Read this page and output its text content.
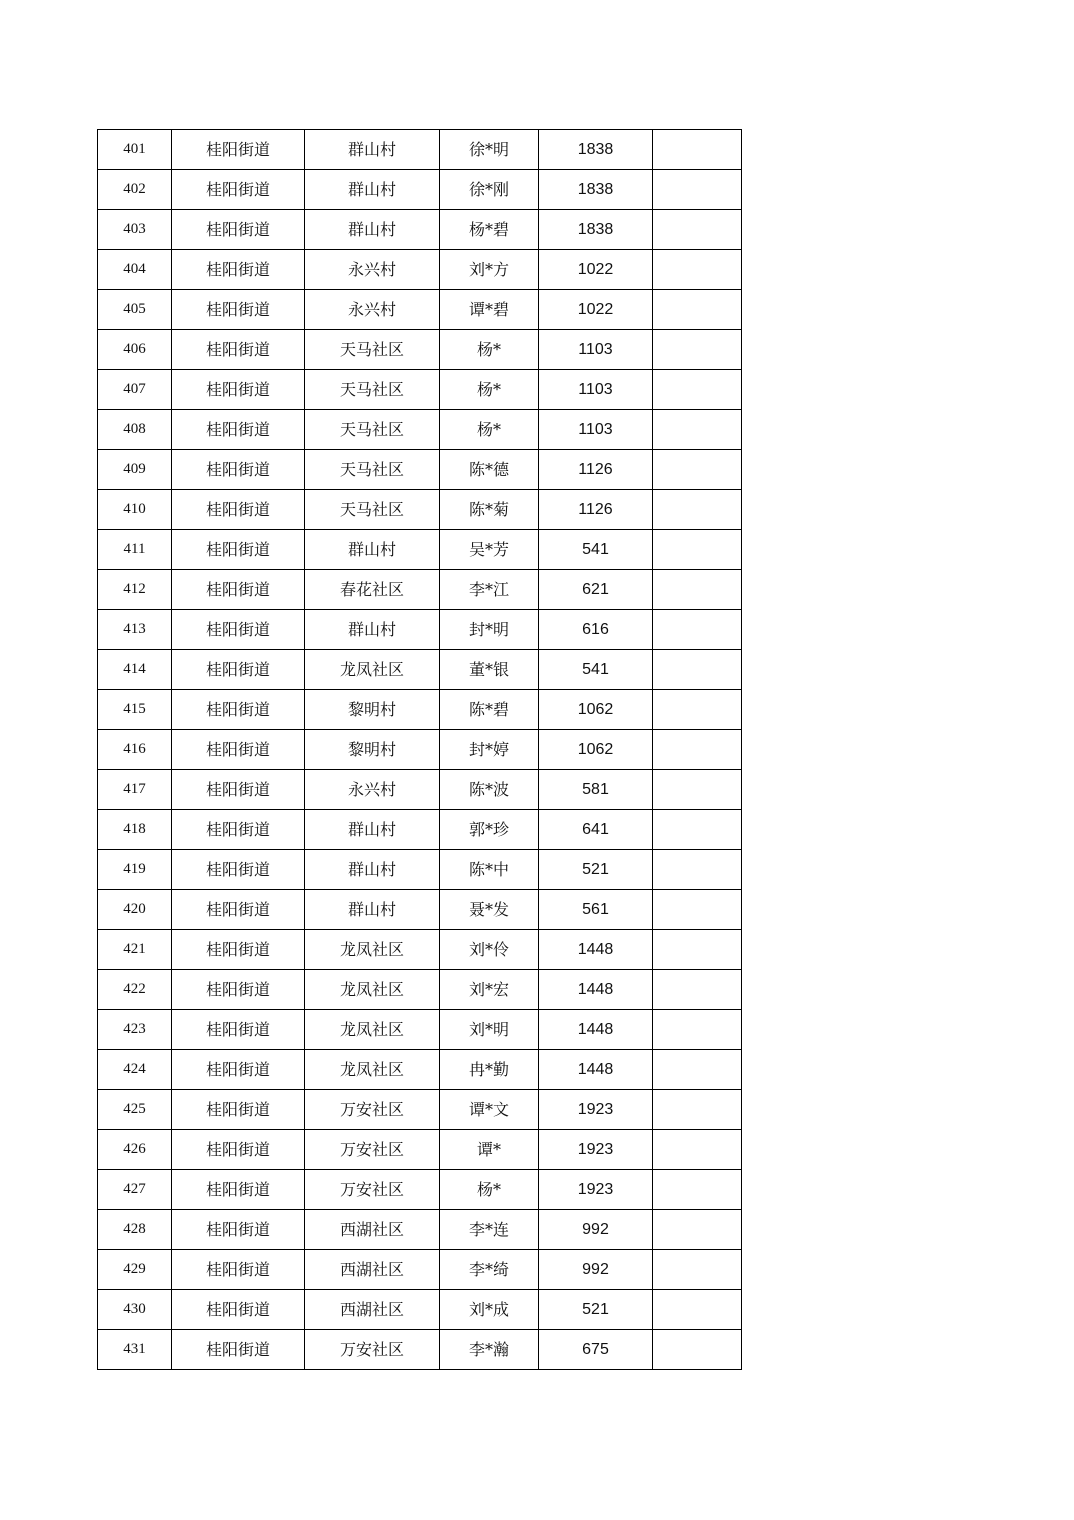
401	桂阳街道	群山村	徐*明	1838	
402	桂阳街道	群山村	徐*刚	1838	
403	桂阳街道	群山村	杨*碧	1838	
404	桂阳街道	永兴村	刘*方	1022	
405	桂阳街道	永兴村	谭*碧	1022	
406	桂阳街道	天马社区	杨*	1103	
407	桂阳街道	天马社区	杨*	1103	
408	桂阳街道	天马社区	杨*	1103	
409	桂阳街道	天马社区	陈*德	1126	
410	桂阳街道	天马社区	陈*菊	1126	
411	桂阳街道	群山村	吴*芳	541	
412	桂阳街道	春花社区	李*江	621	
413	桂阳街道	群山村	封*明	616	
414	桂阳街道	龙凤社区	董*银	541	
415	桂阳街道	黎明村	陈*碧	1062	
416	桂阳街道	黎明村	封*婷	1062	
417	桂阳街道	永兴村	陈*波	581	
418	桂阳街道	群山村	郭*珍	641	
419	桂阳街道	群山村	陈*中	521	
420	桂阳街道	群山村	聂*发	561	
421	桂阳街道	龙凤社区	刘*伶	1448	
422	桂阳街道	龙凤社区	刘*宏	1448	
423	桂阳街道	龙凤社区	刘*明	1448	
424	桂阳街道	龙凤社区	冉*勤	1448	
425	桂阳街道	万安社区	谭*文	1923	
426	桂阳街道	万安社区	谭*	1923	
427	桂阳街道	万安社区	杨*	1923	
428	桂阳街道	西湖社区	李*连	992	
429	桂阳街道	西湖社区	李*绮	992	
430	桂阳街道	西湖社区	刘*成	521	
431	桂阳街道	万安社区	李*瀚	675	
